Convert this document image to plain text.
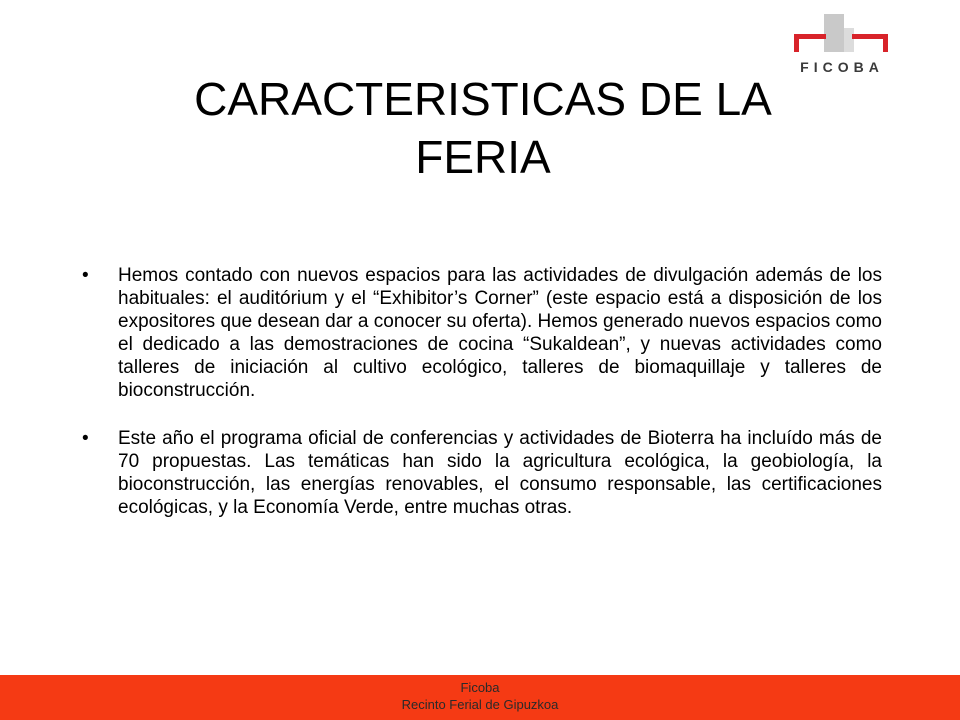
FICOBA
CARACTERISTICAS DE LA
FERIA
•	Hemos contado con nuevos espacios para las actividades de divulgación además de los habituales: el auditórium y el “Exhibitor’s Corner” (este espacio está a disposición de los expositores que desean dar a conocer su oferta). Hemos generado nuevos espacios como el dedicado a las demostraciones de cocina “Sukaldean”, y nuevas actividades como talleres de iniciación al cultivo ecológico, talleres de biomaquillaje y talleres de bioconstrucción.
•	Este año el programa oficial de conferencias y actividades de Bioterra ha incluído más de 70 propuestas. Las temáticas han sido la agricultura ecológica, la geobiología, la bioconstrucción, las energías renovables, el consumo responsable, las certificaciones ecológicas, y la Economía Verde, entre muchas otras.
Ficoba
Recinto Ferial de Gipuzkoa
